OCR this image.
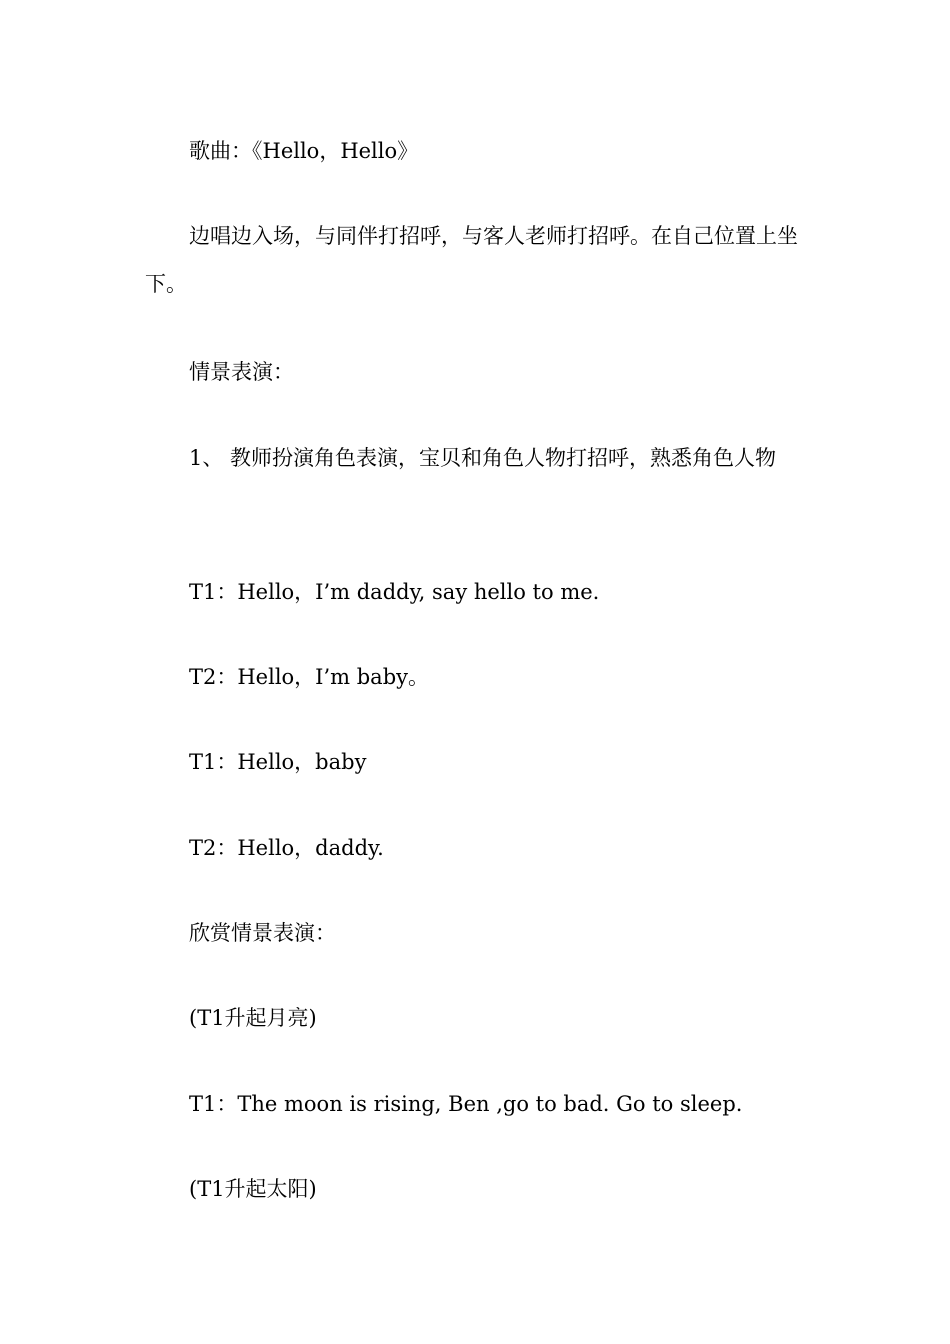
歌曲：《Hello，Hello》

边唱边入场，与同伴打招呼，与客人老师打招呼。在自己位置上坐下。

情景表演：

1、 教师扮演角色表演，宝贝和角色人物打招呼，熟悉角色人物

T1：Hello，I’m daddy, say hello to me.

T2：Hello，I’m baby。

T1：Hello，baby

T2：Hello，daddy.

欣赏情景表演：

(T1升起月亮)

T1：The moon is rising, Ben ,go to bad. Go to sleep.

(T1升起太阳)
